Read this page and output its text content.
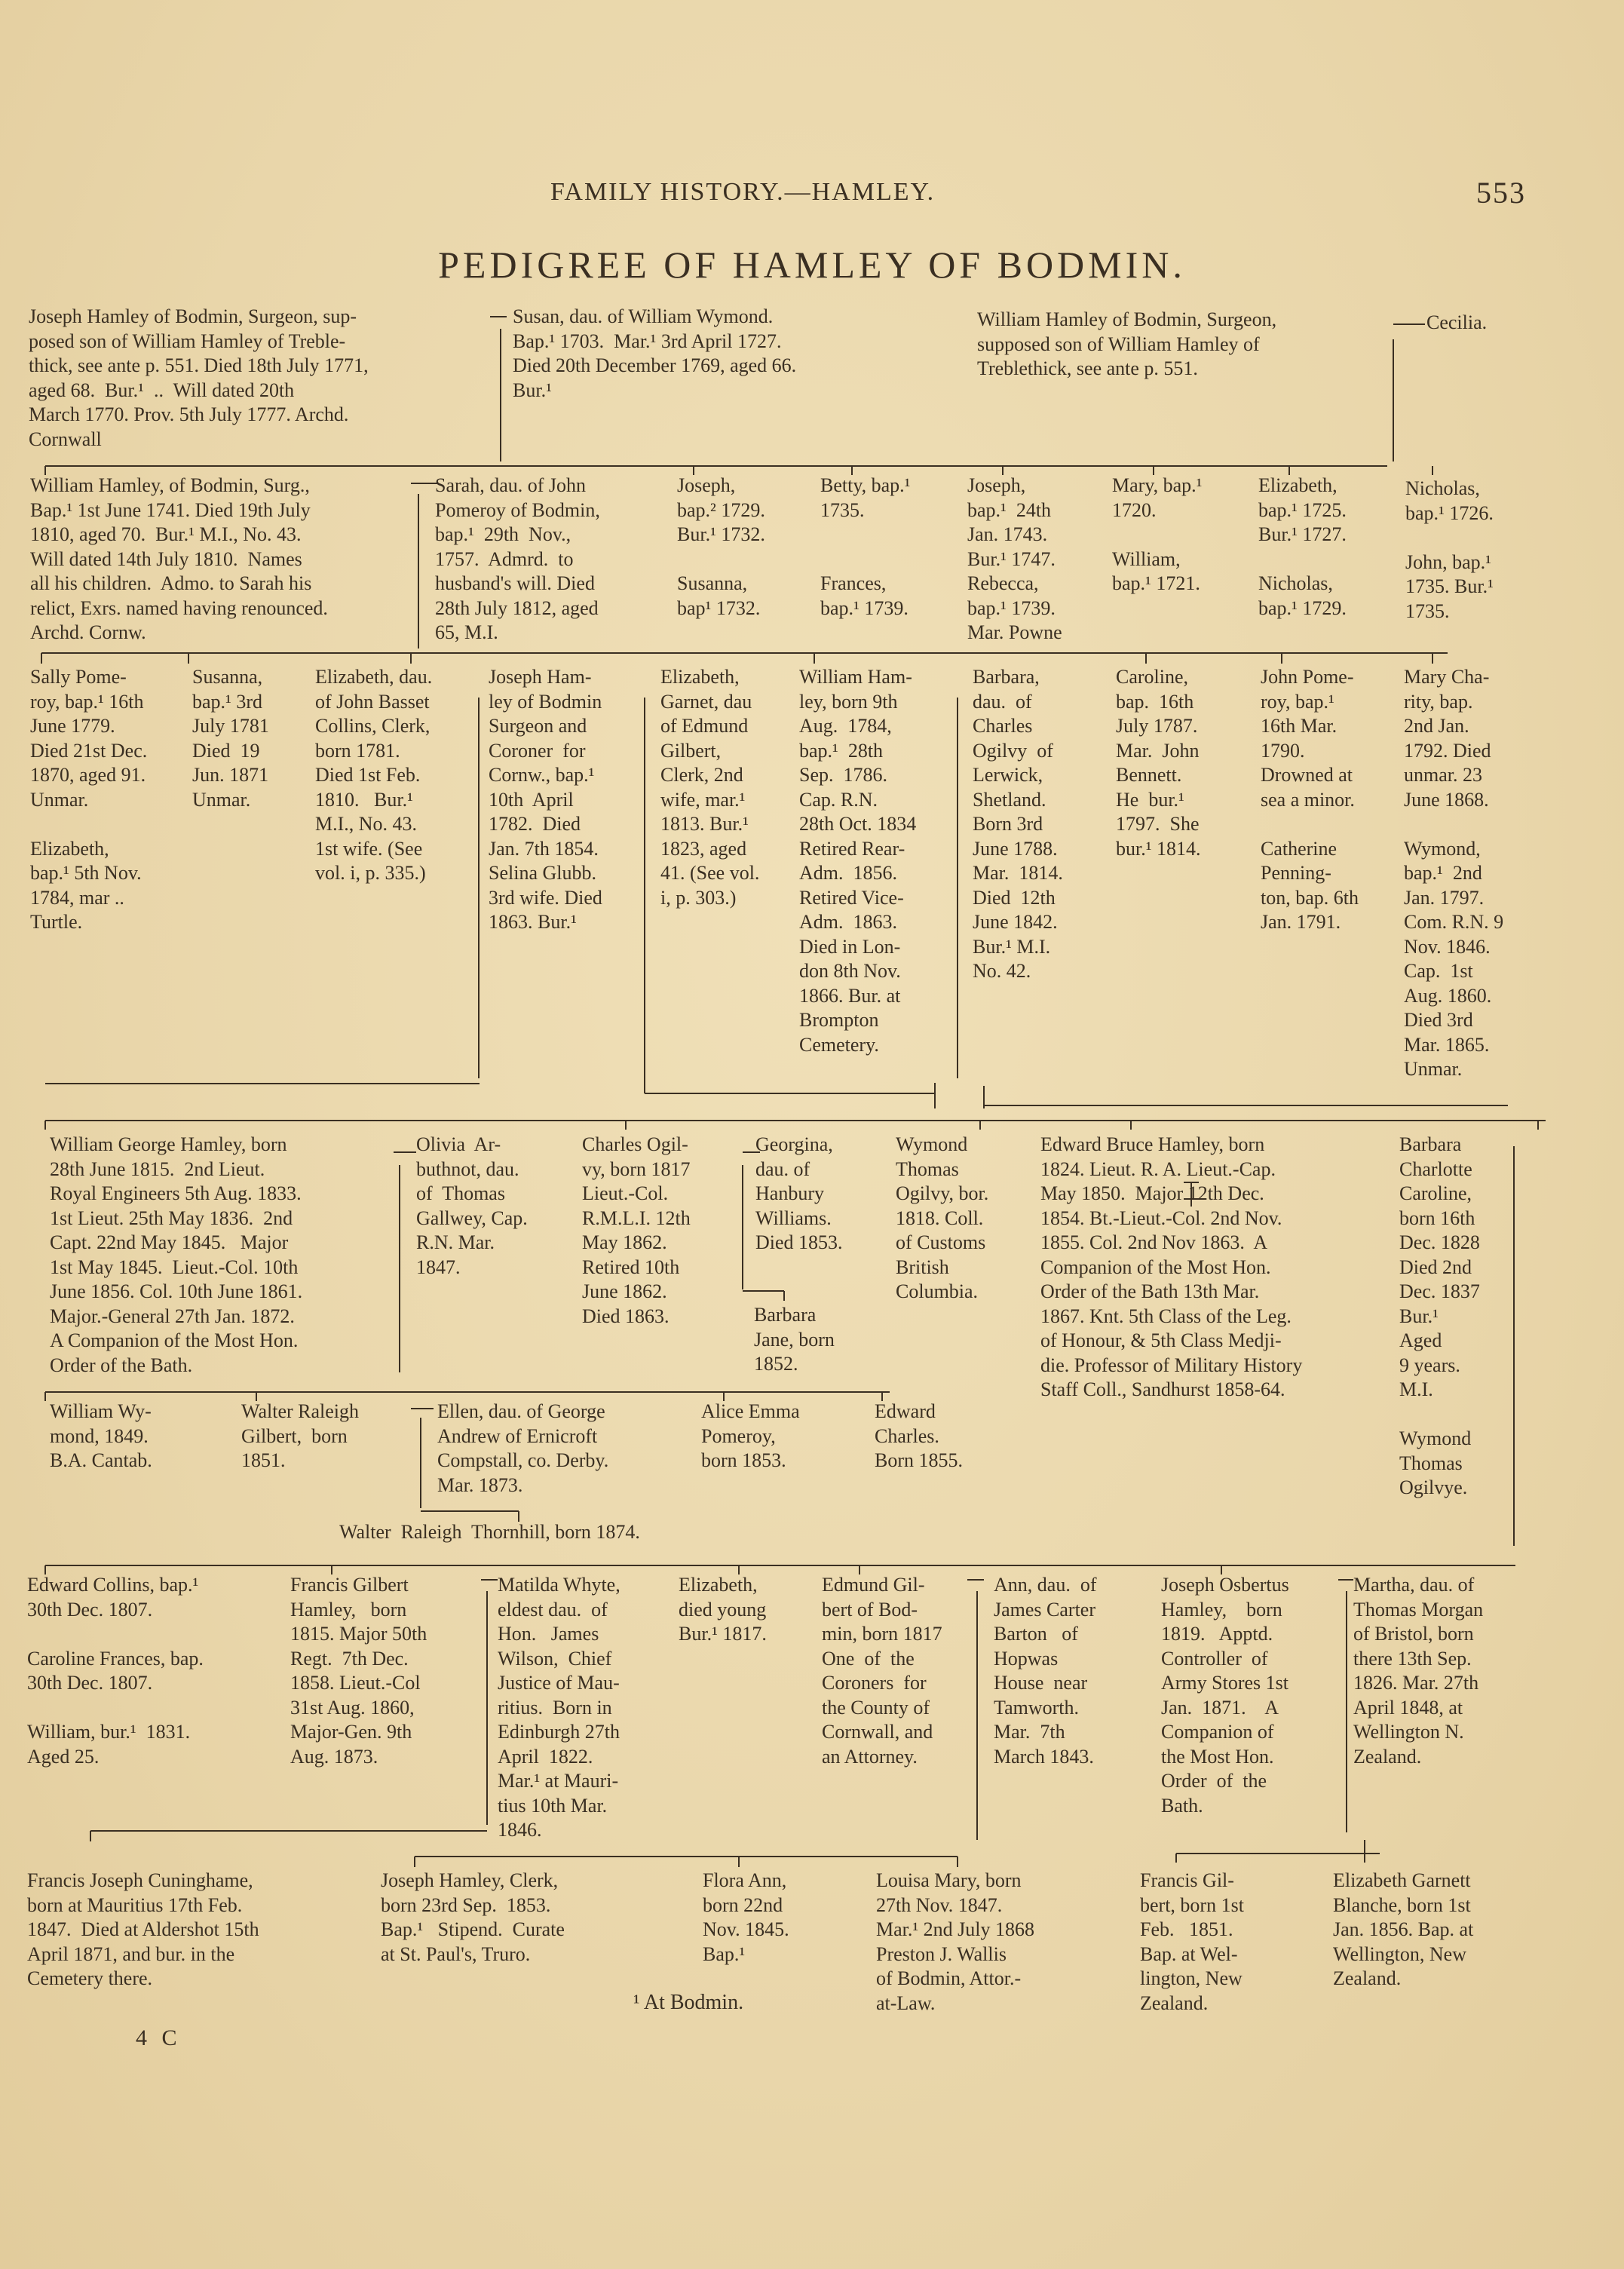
FAMILY HISTORY.—HAMLEY.	553
PEDIGREE OF HAMLEY OF BODMIN.
Joseph Hamley of Bodmin, Surgeon, sup-
posed son of William Hamley of Treble-
thick, see ante p. 551. Died 18th July 1771,
aged 68.  Bur.¹  ..  Will dated 20th
March 1770. Prov. 5th July 1777. Archd.
Cornwall
Susan, dau. of William Wymond.
Bap.¹ 1703.  Mar.¹ 3rd April 1727.
Died 20th December 1769, aged 66.
Bur.¹
William Hamley of Bodmin, Surgeon,
supposed son of William Hamley of
Treblethick, see ante p. 551.
Cecilia.
William Hamley, of Bodmin, Surg.,
Bap.¹ 1st June 1741. Died 19th July
1810, aged 70.  Bur.¹ M.I., No. 43.
Will dated 14th July 1810.  Names
all his children.  Admo. to Sarah his
relict, Exrs. named having renounced.
Archd. Cornw.
Sarah, dau. of John
Pomeroy of Bodmin,
bap.¹  29th  Nov.,
1757.  Admrd.  to
husband's will. Died
28th July 1812, aged
65, M.I.
Joseph,
bap.² 1729.
Bur.¹ 1732.

Susanna,
bap¹ 1732.
Betty, bap.¹
1735.

Frances,
bap.¹ 1739.
Joseph,
bap.¹  24th
Jan. 1743.
Bur.¹ 1747.
Rebecca,
bap.¹ 1739.
Mar. Powne
Mary, bap.¹
1720.

William,
bap.¹ 1721.
Elizabeth,
bap.¹ 1725.
Bur.¹ 1727.

Nicholas,
bap.¹ 1729.
Nicholas,
bap.¹ 1726.

John, bap.¹
1735. Bur.¹
1735.
Sally Pome-
roy, bap.¹ 16th
June 1779.
Died 21st Dec.
1870, aged 91.
Unmar.

Elizabeth,
bap.¹ 5th Nov.
1784, mar ..
Turtle.
Susanna,
bap.¹ 3rd
July 1781
Died  19
Jun. 1871
Unmar.
Elizabeth, dau.
of John Basset
Collins, Clerk,
born 1781.
Died 1st Feb.
1810.   Bur.¹
M.I., No. 43.
1st wife. (See
vol. i, p. 335.)
Joseph Ham-
ley of Bodmin
Surgeon and
Coroner  for
Cornw., bap.¹
10th  April
1782.  Died
Jan. 7th 1854.
Selina Glubb.
3rd wife. Died
1863. Bur.¹
Elizabeth,
Garnet, dau
of Edmund
Gilbert,
Clerk, 2nd
wife, mar.¹
1813. Bur.¹
1823, aged
41. (See vol.
i, p. 303.)
William Ham-
ley, born 9th
Aug.  1784,
bap.¹  28th
Sep.  1786.
Cap. R.N.
28th Oct. 1834
Retired Rear-
Adm.  1856.
Retired Vice-
Adm.  1863.
Died in Lon-
don 8th Nov.
1866. Bur. at
Brompton
Cemetery.
Barbara,
dau.  of
Charles
Ogilvy  of
Lerwick,
Shetland.
Born 3rd
June 1788.
Mar.  1814.
Died  12th
June 1842.
Bur.¹ M.I.
No. 42.
Caroline,
bap.  16th
July 1787.
Mar.  John
Bennett.
He  bur.¹
1797.  She
bur.¹ 1814.
John Pome-
roy, bap.¹
16th Mar.
1790.
Drowned at
sea a minor.

Catherine
Penning-
ton, bap. 6th
Jan. 1791.
Mary Cha-
rity, bap.
2nd Jan.
1792. Died
unmar. 23
June 1868.

Wymond,
bap.¹  2nd
Jan. 1797.
Com. R.N. 9
Nov. 1846.
Cap.  1st
Aug. 1860.
Died 3rd
Mar. 1865.
Unmar.
William George Hamley, born
28th June 1815.  2nd Lieut.
Royal Engineers 5th Aug. 1833.
1st Lieut. 25th May 1836.  2nd
Capt. 22nd May 1845.   Major
1st May 1845.  Lieut.-Col. 10th
June 1856. Col. 10th June 1861.
Major.-General 27th Jan. 1872.
A Companion of the Most Hon.
Order of the Bath.
Olivia  Ar-
buthnot, dau.
of  Thomas
Gallwey, Cap.
R.N. Mar.
1847.
Charles Ogil-
vy, born 1817
Lieut.-Col.
R.M.L.I. 12th
May 1862.
Retired 10th
June 1862.
Died 1863.
Georgina,
dau. of
Hanbury
Williams.
Died 1853.
Barbara
Jane, born
1852.
Wymond
Thomas
Ogilvy, bor.
1818. Coll.
of Customs
British
Columbia.
Edward Bruce Hamley, born
1824. Lieut. R. A. Lieut.-Cap.
May 1850.  Major 12th Dec.
1854. Bt.-Lieut.-Col. 2nd Nov.
1855. Col. 2nd Nov 1863.  A
Companion of the Most Hon.
Order of the Bath 13th Mar.
1867. Knt. 5th Class of the Leg.
of Honour, & 5th Class Medji-
die. Professor of Military History
Staff Coll., Sandhurst 1858-64.
Barbara
Charlotte
Caroline,
born 16th
Dec. 1828
Died 2nd
Dec. 1837
Bur.¹
Aged
9 years.
M.I.

Wymond
Thomas
Ogilvye.
William Wy-
mond, 1849.
B.A. Cantab.
Walter Raleigh
Gilbert,  born
1851.
Ellen, dau. of George
Andrew of Ernicroft
Compstall, co. Derby.
Mar. 1873.
Alice Emma
Pomeroy,
born 1853.
Edward
Charles.
Born 1855.
Walter  Raleigh  Thornhill, born 1874.
Edward Collins, bap.¹
30th Dec. 1807.

Caroline Frances, bap.
30th Dec. 1807.

William, bur.¹  1831.
Aged 25.
Francis Gilbert
Hamley,   born
1815. Major 50th
Regt.  7th Dec.
1858. Lieut.-Col
31st Aug. 1860,
Major-Gen. 9th
Aug. 1873.
Matilda Whyte,
eldest dau.  of
Hon.   James
Wilson,  Chief
Justice of Mau-
ritius.  Born in
Edinburgh 27th
April  1822.
Mar.¹ at Mauri-
tius 10th Mar.
1846.
Elizabeth,
died young
Bur.¹ 1817.
Edmund Gil-
bert of Bod-
min, born 1817
One  of  the
Coroners  for
the County of
Cornwall, and
an Attorney.
Ann, dau.  of
James Carter
Barton   of
Hopwas
House  near
Tamworth.
Mar.  7th
March 1843.
Joseph Osbertus
Hamley,    born
1819.   Apptd.
Controller  of
Army Stores 1st
Jan.  1871.    A
Companion of
the Most Hon.
Order  of  the
Bath.
Martha, dau. of
Thomas Morgan
of Bristol, born
there 13th Sep.
1826. Mar. 27th
April 1848, at
Wellington N.
Zealand.
Francis Joseph Cuninghame,
born at Mauritius 17th Feb.
1847.  Died at Aldershot 15th
April 1871, and bur. in the
Cemetery there.
Joseph Hamley, Clerk,
born 23rd Sep.  1853.
Bap.¹   Stipend.  Curate
at St. Paul's, Truro.
Flora Ann,
born 22nd
Nov. 1845.
Bap.¹
Louisa Mary, born
27th Nov. 1847.
Mar.¹ 2nd July 1868
Preston J. Wallis
of Bodmin, Attor.-
at-Law.
Francis Gil-
bert, born 1st
Feb.   1851.
Bap. at Wel-
lington, New
Zealand.
Elizabeth Garnett
Blanche, born 1st
Jan. 1856. Bap. at
Wellington, New
Zealand.
¹ At Bodmin.
4 C
